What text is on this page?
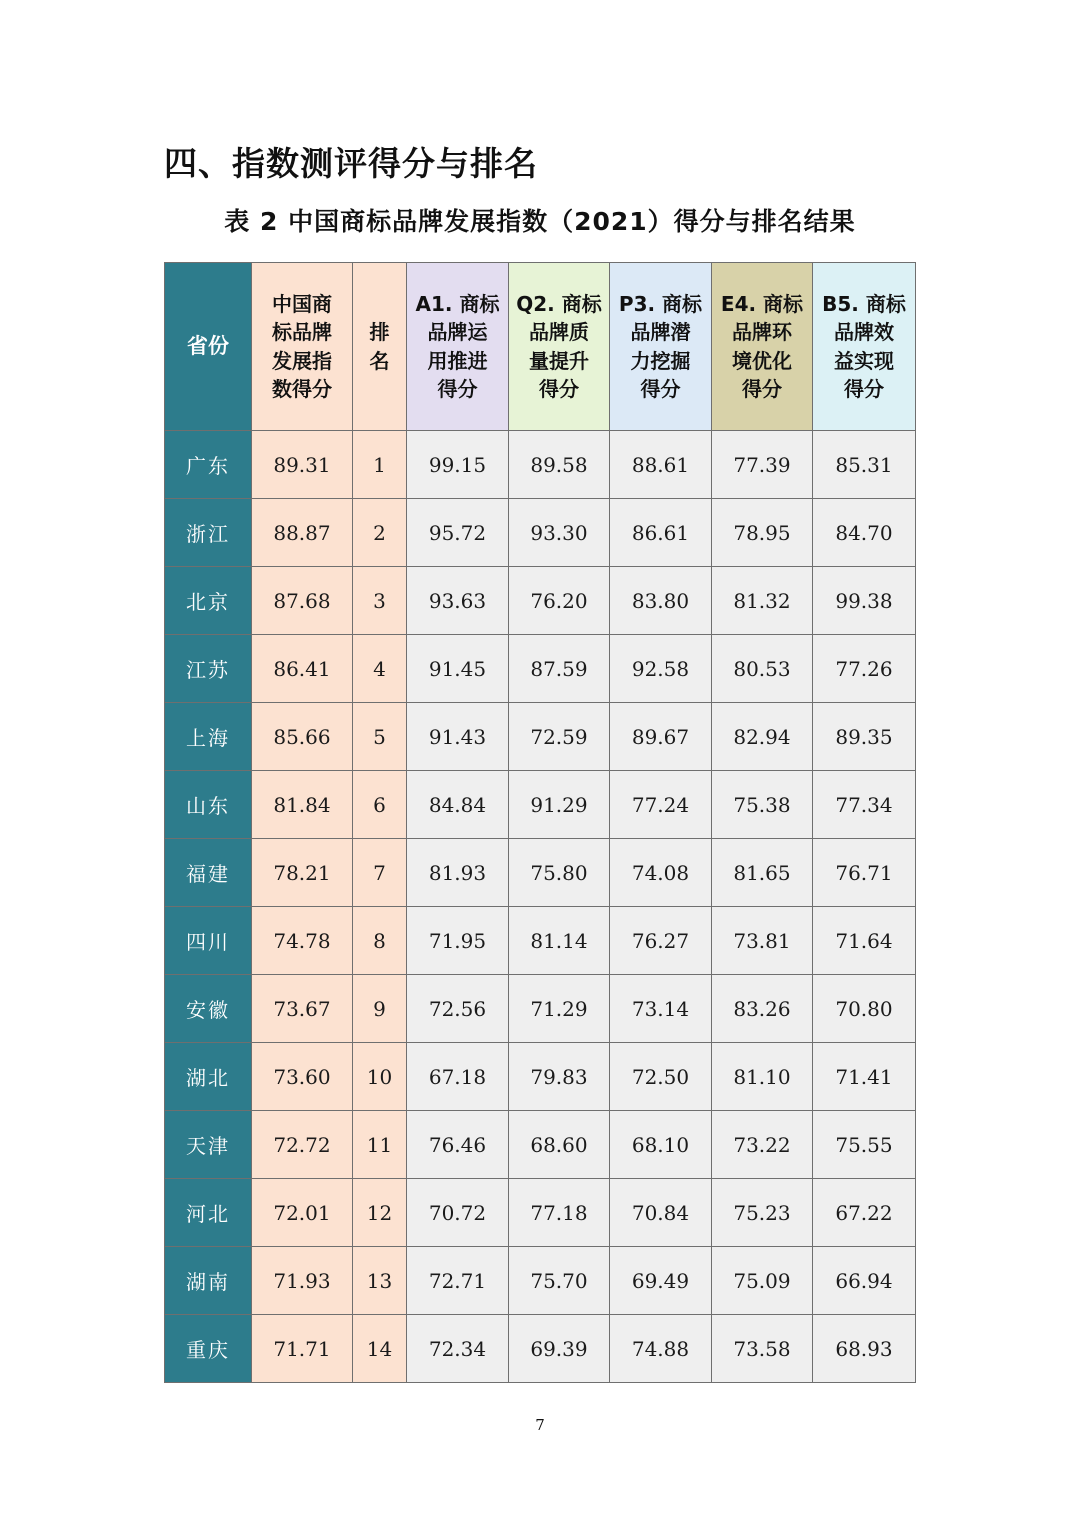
四、指数测评得分与排名
表 2 中国商标品牌发展指数（2021）得分与排名结果
省份	中国商
标品牌
发展指
数得分	排
名	A1. 商标
品牌运
用推进
得分	Q2. 商标
品牌质
量提升
得分	P3. 商标
品牌潜
力挖掘
得分	E4. 商标
品牌环
境优化
得分	B5. 商标
品牌效
益实现
得分
广东	89.31	1	99.15	89.58	88.61	77.39	85.31
浙江	88.87	2	95.72	93.30	86.61	78.95	84.70
北京	87.68	3	93.63	76.20	83.80	81.32	99.38
江苏	86.41	4	91.45	87.59	92.58	80.53	77.26
上海	85.66	5	91.43	72.59	89.67	82.94	89.35
山东	81.84	6	84.84	91.29	77.24	75.38	77.34
福建	78.21	7	81.93	75.80	74.08	81.65	76.71
四川	74.78	8	71.95	81.14	76.27	73.81	71.64
安徽	73.67	9	72.56	71.29	73.14	83.26	70.80
湖北	73.60	10	67.18	79.83	72.50	81.10	71.41
天津	72.72	11	76.46	68.60	68.10	73.22	75.55
河北	72.01	12	70.72	77.18	70.84	75.23	67.22
湖南	71.93	13	72.71	75.70	69.49	75.09	66.94
重庆	71.71	14	72.34	69.39	74.88	73.58	68.93

7
